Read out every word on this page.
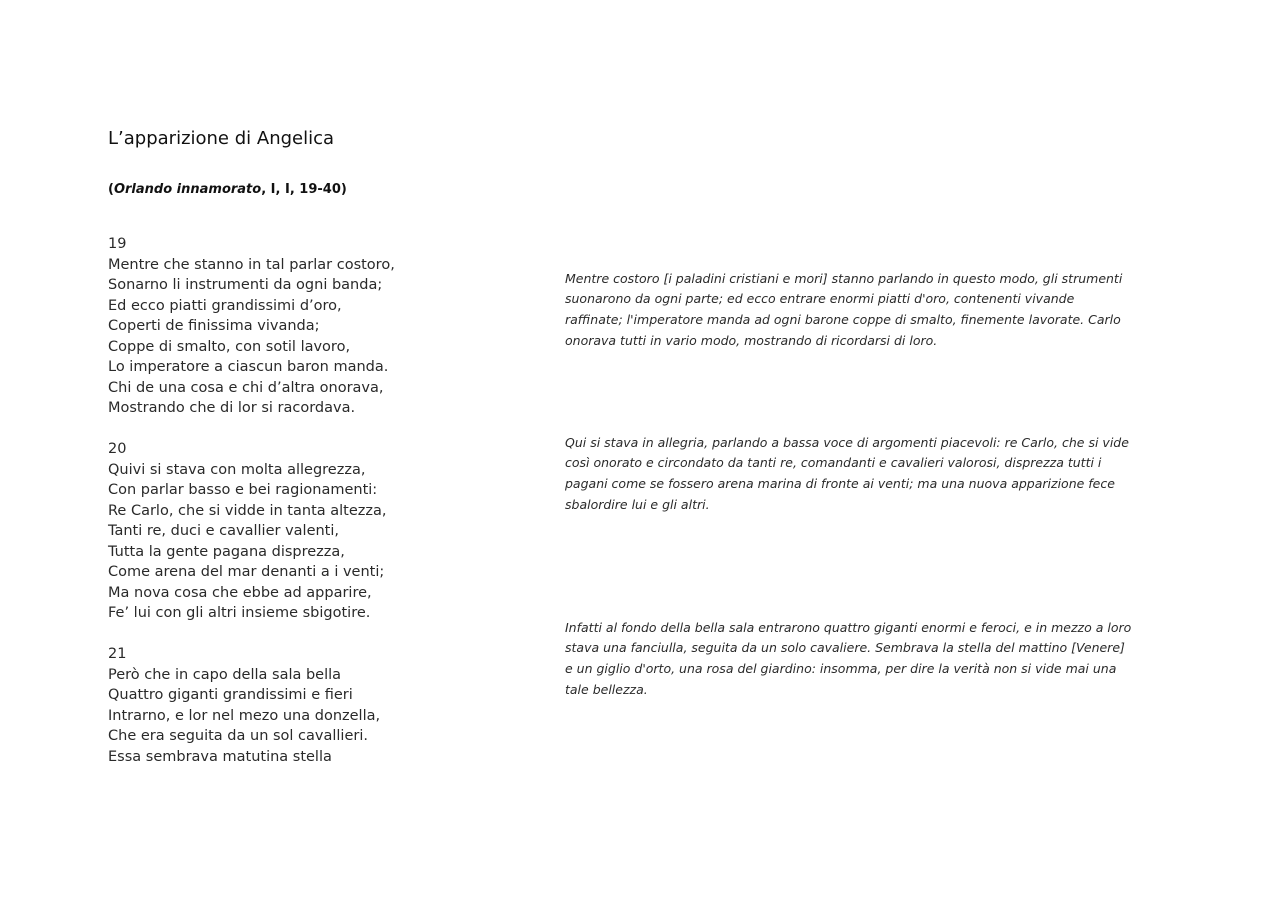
L’apparizione di Angelica
(Orlando innamorato, I, I, 19-40)
19
Mentre che stanno in tal parlar costoro,
Sonarno li instrumenti da ogni banda;
Ed ecco piatti grandissimi d’oro,
Coperti de finissima vivanda;
Coppe di smalto, con sotil lavoro,
Lo imperatore a ciascun baron manda.
Chi de una cosa e chi d’altra onorava,
Mostrando che di lor si racordava.
20
Quivi si stava con molta allegrezza,
Con parlar basso e bei ragionamenti:
Re Carlo, che si vidde in tanta altezza,
Tanti re, duci e cavallier valenti,
Tutta la gente pagana disprezza,
Come arena del mar denanti a i venti;
Ma nova cosa che ebbe ad apparire,
Fe’ lui con gli altri insieme sbigotire.
21
Però che in capo della sala bella
Quattro giganti grandissimi e fieri
Intrarno, e lor nel mezo una donzella,
Che era seguita da un sol cavallieri.
Essa sembrava matutina stella

Mentre costoro [i paladini cristiani e mori] stanno parlando in questo modo, gli strumenti suonarono da ogni parte; ed ecco entrare enormi piatti d'oro, contenenti vivande raffinate; l'imperatore manda ad ogni barone coppe di smalto, finemente lavorate. Carlo onorava tutti in vario modo, mostrando di ricordarsi di loro.

Qui si stava in allegria, parlando a bassa voce di argomenti piacevoli: re Carlo, che si vide così onorato e circondato da tanti re, comandanti e cavalieri valorosi, disprezza tutti i pagani come se fossero arena marina di fronte ai venti; ma una nuova apparizione fece sbalordire lui e gli altri.

Infatti al fondo della bella sala entrarono quattro giganti enormi e feroci, e in mezzo a loro stava una fanciulla, seguita da un solo cavaliere. Sembrava la stella del mattino [Venere] e un giglio d'orto, una rosa del giardino: insomma, per dire la verità non si vide mai una tale bellezza.
